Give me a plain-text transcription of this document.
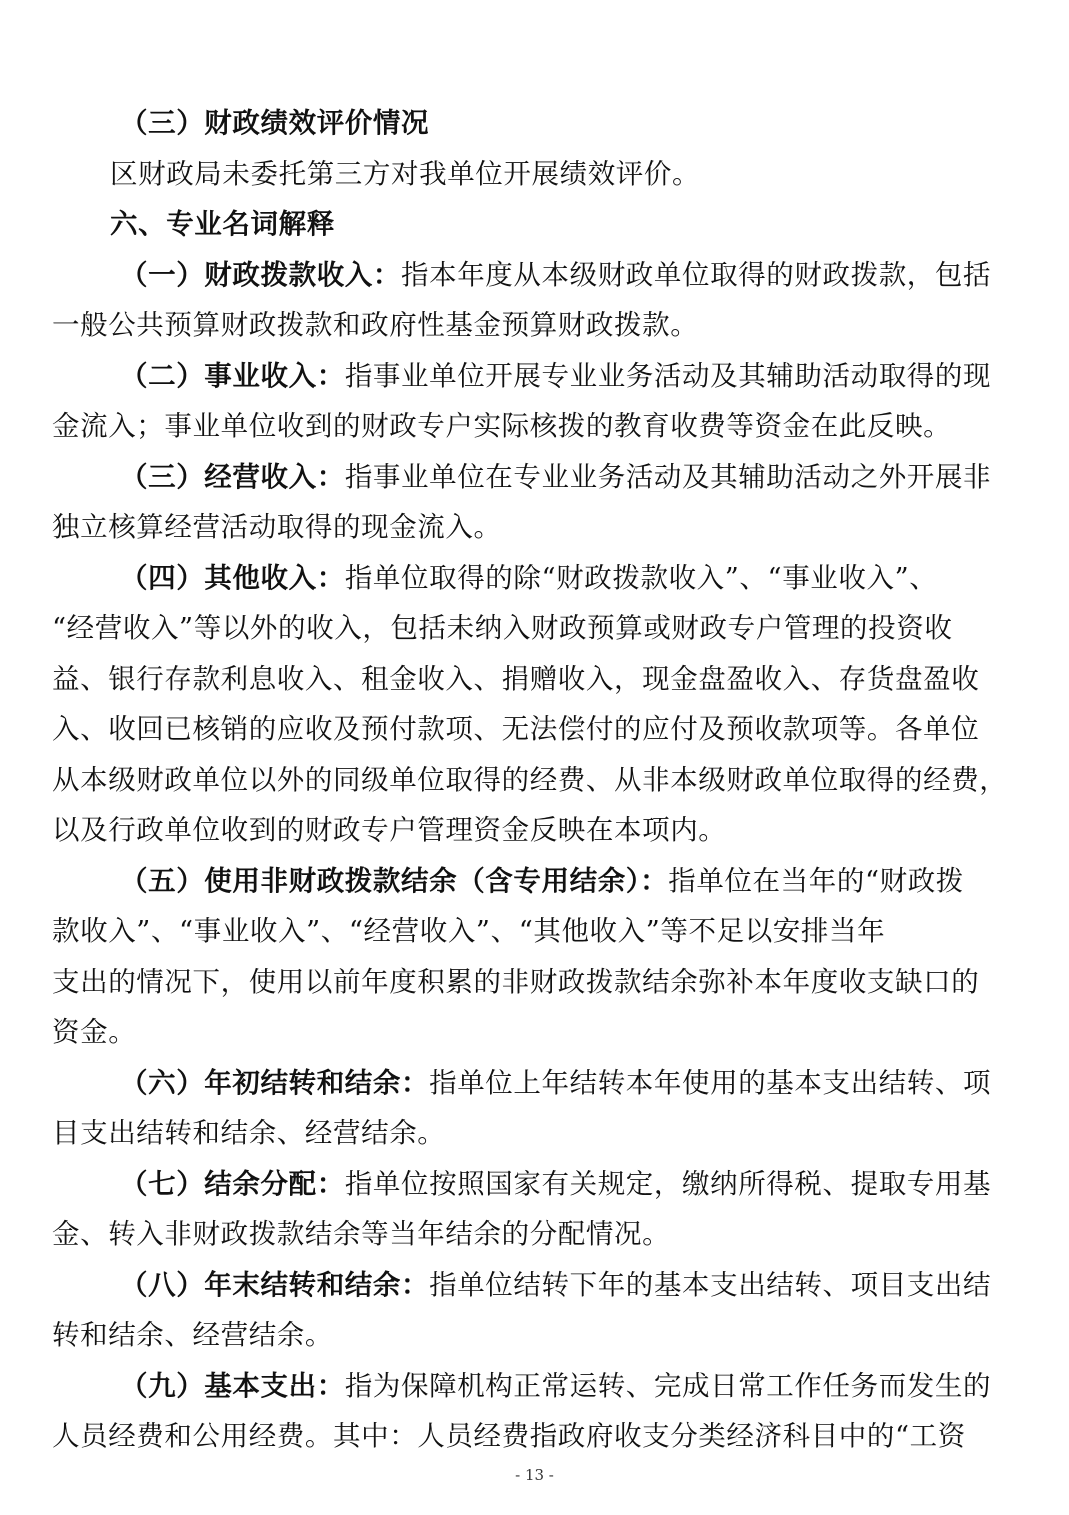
（三）财政绩效评价情况
区财政局未委托第三方对我单位开展绩效评价。
六、专业名词解释
（一）财政拨款收入：指本年度从本级财政单位取得的财政拨款，包括
一般公共预算财政拨款和政府性基金预算财政拨款。
（二）事业收入：指事业单位开展专业业务活动及其辅助活动取得的现
金流入；事业单位收到的财政专户实际核拨的教育收费等资金在此反映。
（三）经营收入：指事业单位在专业业务活动及其辅助活动之外开展非
独立核算经营活动取得的现金流入。
（四）其他收入：指单位取得的除“财政拨款收入”、“事业收入”、
“经营收入”等以外的收入，包括未纳入财政预算或财政专户管理的投资收
益、银行存款利息收入、租金收入、捐赠收入，现金盘盈收入、存货盘盈收
入、收回已核销的应收及预付款项、无法偿付的应付及预收款项等。各单位
从本级财政单位以外的同级单位取得的经费、从非本级财政单位取得的经费，
以及行政单位收到的财政专户管理资金反映在本项内。
（五）使用非财政拨款结余（含专用结余）：指单位在当年的“财政拨
款收入”、“事业收入”、“经营收入”、“其他收入”等不足以安排当年
支出的情况下，使用以前年度积累的非财政拨款结余弥补本年度收支缺口的
资金。
（六）年初结转和结余：指单位上年结转本年使用的基本支出结转、项
目支出结转和结余、经营结余。
（七）结余分配：指单位按照国家有关规定，缴纳所得税、提取专用基
金、转入非财政拨款结余等当年结余的分配情况。
（八）年末结转和结余：指单位结转下年的基本支出结转、项目支出结
转和结余、经营结余。
（九）基本支出：指为保障机构正常运转、完成日常工作任务而发生的
人员经费和公用经费。其中：人员经费指政府收支分类经济科目中的“工资
- 13 -
